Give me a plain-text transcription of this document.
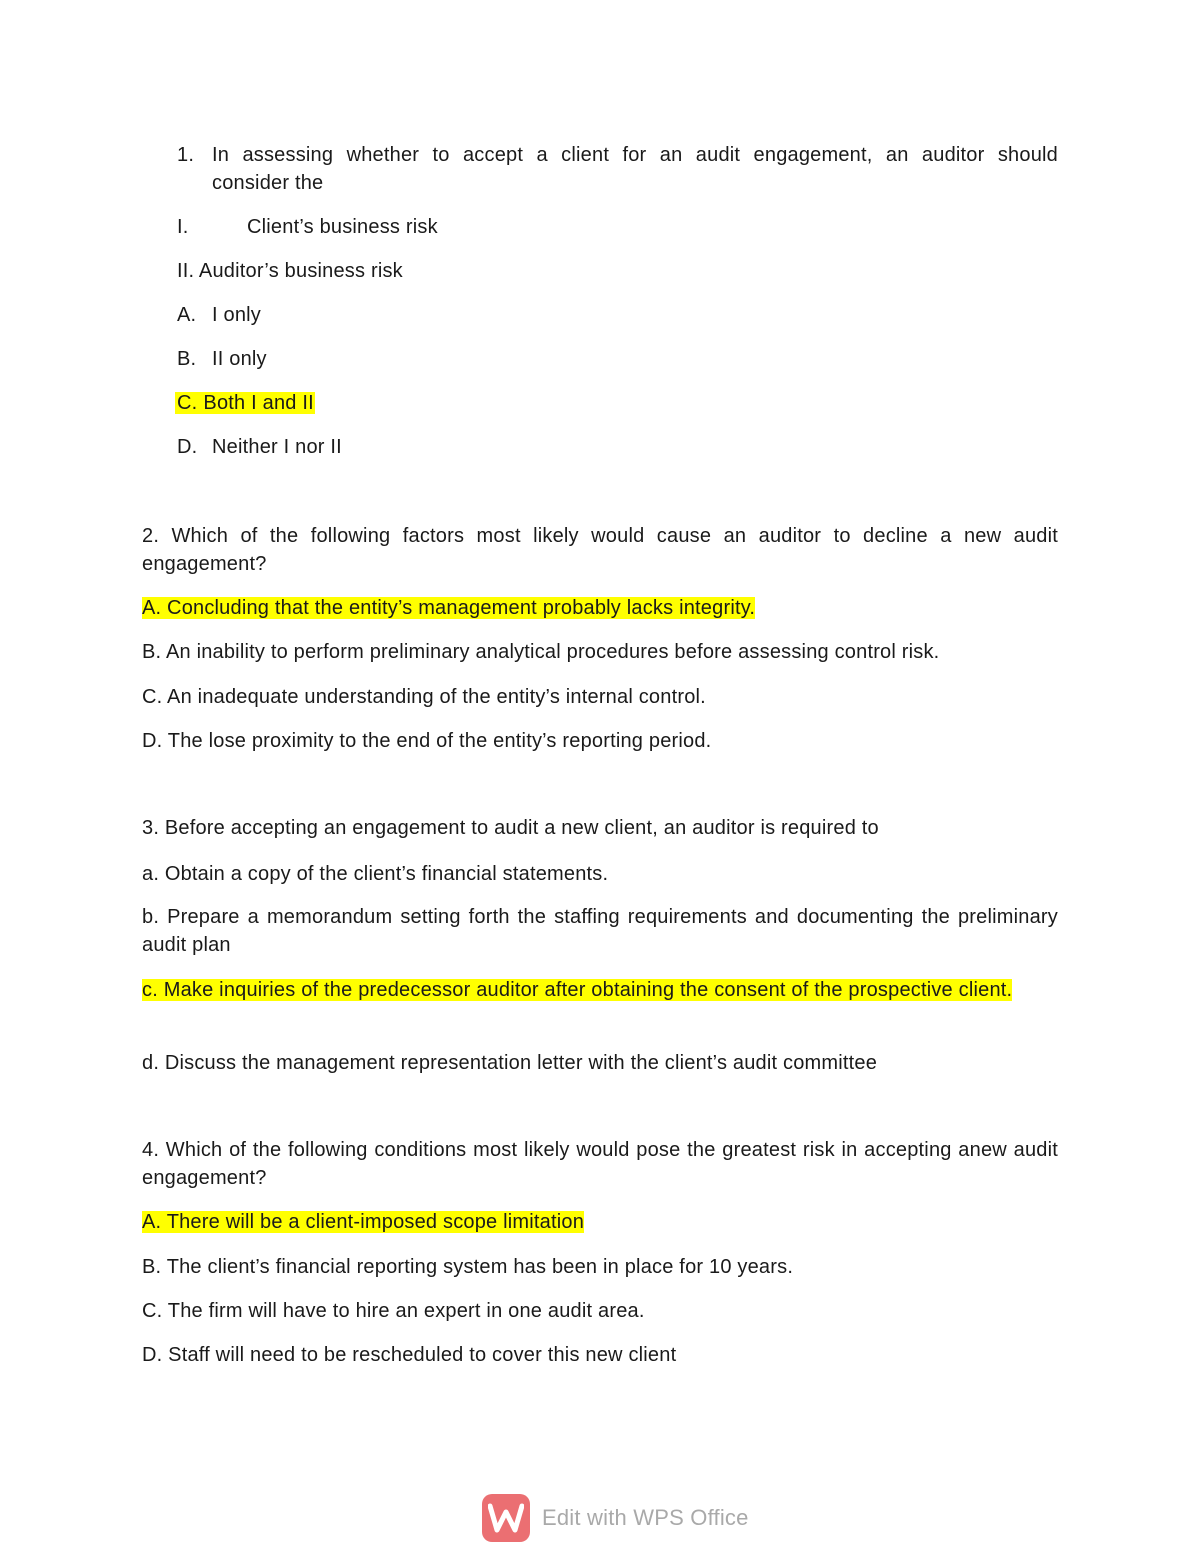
1. In assessing whether to accept a client for an audit engagement, an auditor should
consider the
I.	Client’s business risk
II. Auditor’s business risk
A. I only
B. II only
C. Both I and II
D. Neither I nor II
2. Which of the following factors most likely would cause an auditor to decline a new audit engagement?
A. Concluding that the entity’s management probably lacks integrity.
B. An inability to perform preliminary analytical procedures before assessing control risk.
C. An inadequate understanding of the entity’s internal control.
D. The lose proximity to the end of the entity’s reporting period.
3. Before accepting an engagement to audit a new client, an auditor is required to
a. Obtain a copy of the client’s financial statements.
b. Prepare a memorandum setting forth the staffing requirements and documenting the preliminary audit plan
c. Make inquiries of the predecessor auditor after obtaining the consent of the prospective client.
d. Discuss the management representation letter with the client’s audit committee
4. Which of the following conditions most likely would pose the greatest risk in accepting anew audit engagement?
A. There will be a client-imposed scope limitation
B. The client’s financial reporting system has been in place for 10 years.
C. The firm will have to hire an expert in one audit area.
D. Staff will need to be rescheduled to cover this new client
Edit with WPS Office
